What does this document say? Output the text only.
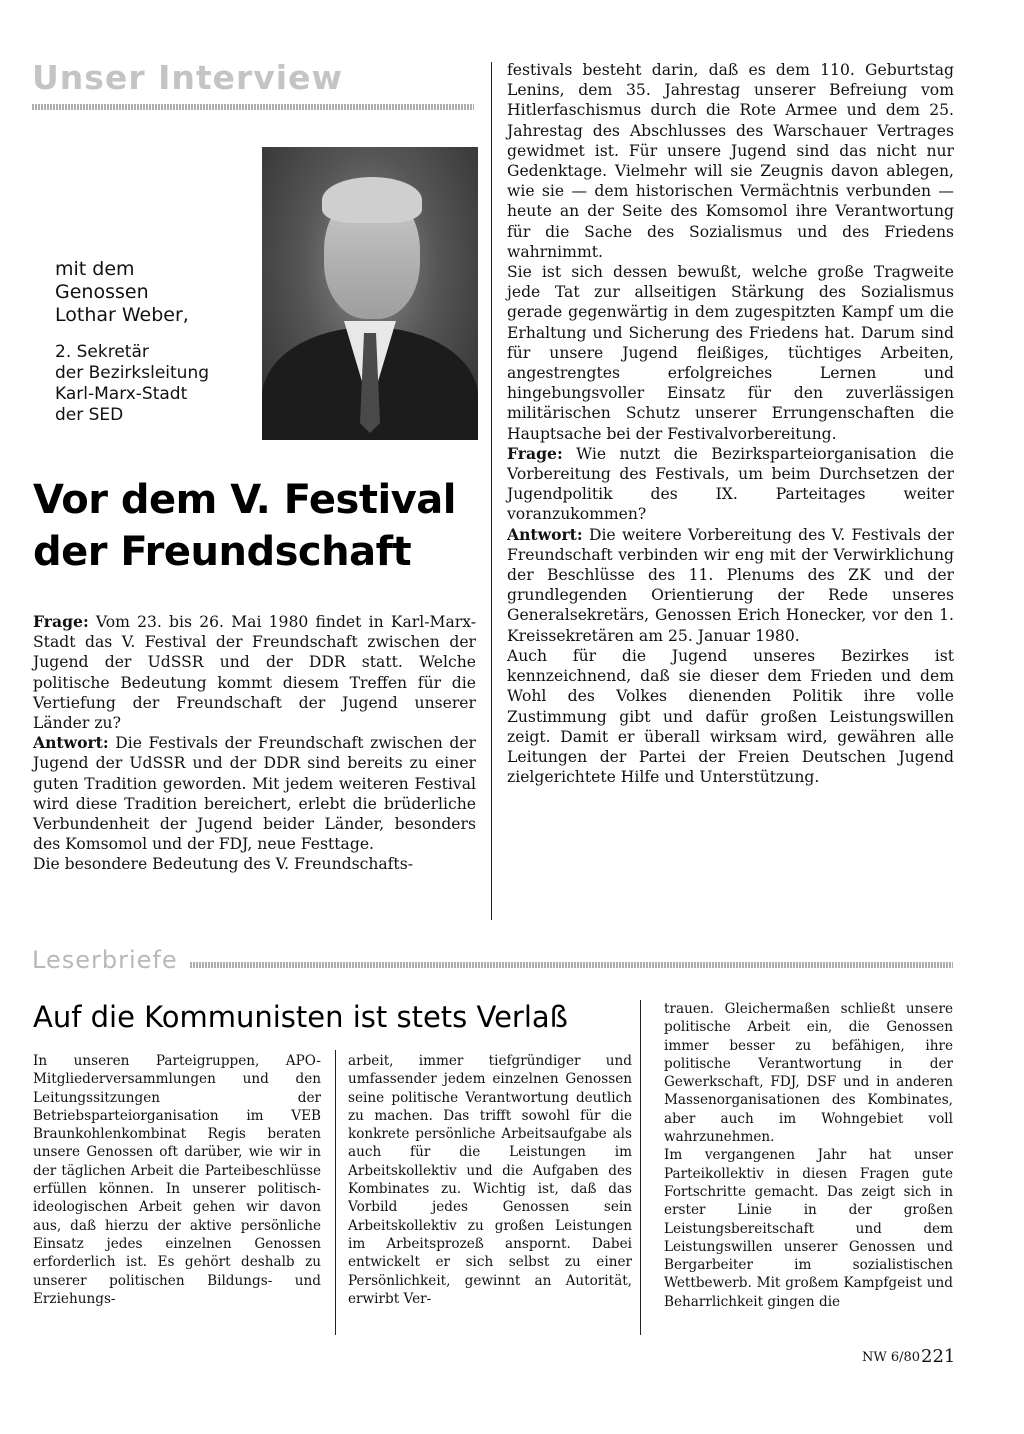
Unser Interview
mit dem
Genossen
Lothar Weber,
2. Sekretär
der Bezirksleitung
Karl-Marx-Stadt
der SED
Vor dem V. Festival
der Freundschaft

Frage: Vom 23. bis 26. Mai 1980 findet in Karl-Marx-Stadt das V. Festival der Freundschaft zwischen der Jugend der UdSSR und der DDR statt. Welche politische Bedeutung kommt diesem Treffen für die Vertiefung der Freundschaft der Jugend unserer Länder zu?

Antwort: Die Festivals der Freundschaft zwischen der Jugend der UdSSR und der DDR sind bereits zu einer guten Tradition geworden. Mit jedem weiteren Festival wird diese Tradition bereichert, erlebt die brüderliche Verbundenheit der Jugend beider Länder, besonders des Komsomol und der FDJ, neue Festtage.

Die besondere Bedeutung des V. Freundschafts-

festivals besteht darin, daß es dem 110. Geburtstag Lenins, dem 35. Jahrestag unserer Befreiung vom Hitlerfaschismus durch die Rote Armee und dem 25. Jahrestag des Abschlusses des Warschauer Vertrages gewidmet ist. Für unsere Jugend sind das nicht nur Gedenktage. Vielmehr will sie Zeugnis davon ablegen, wie sie — dem historischen Vermächtnis verbunden — heute an der Seite des Komsomol ihre Verantwortung für die Sache des Sozialismus und des Friedens wahrnimmt.

Sie ist sich dessen bewußt, welche große Tragweite jede Tat zur allseitigen Stärkung des Sozialismus gerade gegenwärtig in dem zugespitzten Kampf um die Erhaltung und Sicherung des Friedens hat. Darum sind für unsere Jugend fleißiges, tüchtiges Arbeiten, angestrengtes erfolgreiches Lernen und hingebungsvoller Einsatz für den zuverlässigen militärischen Schutz unserer Errungenschaften die Hauptsache bei der Festivalvorbereitung.

Frage: Wie nutzt die Bezirksparteiorganisation die Vorbereitung des Festivals, um beim Durchsetzen der Jugendpolitik des IX. Parteitages weiter voranzukommen?

Antwort: Die weitere Vorbereitung des V. Festivals der Freundschaft verbinden wir eng mit der Verwirklichung der Beschlüsse des 11. Plenums des ZK und der grundlegenden Orientierung der Rede unseres Generalsekretärs, Genossen Erich Honecker, vor den 1. Kreissekretären am 25. Januar 1980.

Auch für die Jugend unseres Bezirkes ist kennzeichnend, daß sie dieser dem Frieden und dem Wohl des Volkes dienenden Politik ihre volle Zustimmung gibt und dafür großen Leistungswillen zeigt. Damit er überall wirksam wird, gewähren alle Leitungen der Partei der Freien Deutschen Jugend zielgerichtete Hilfe und Unterstützung.

Leserbriefe
Auf die Kommunisten ist stets Verlaß

In unseren Parteigruppen, APO-Mitgliederversammlungen und den Leitungssitzungen der Betriebsparteiorganisation im VEB Braunkohlenkombinat Regis beraten unsere Genossen oft darüber, wie wir in der täglichen Arbeit die Parteibeschlüsse erfüllen können. In unserer politisch-ideologischen Arbeit gehen wir davon aus, daß hierzu der aktive persönliche Einsatz jedes einzelnen Genossen erforderlich ist. Es gehört deshalb zu unserer politischen Bildungs- und Erziehungs-

arbeit, immer tiefgründiger und umfassender jedem einzelnen Genossen seine politische Verantwortung deutlich zu machen. Das trifft sowohl für die konkrete persönliche Arbeitsaufgabe als auch für die Leistungen im Arbeitskollektiv und die Aufgaben des Kombinates zu. Wichtig ist, daß das Vorbild jedes Genossen sein Arbeitskollektiv zu großen Leistungen im Arbeitsprozeß anspornt. Dabei entwickelt er sich selbst zu einer Persönlichkeit, gewinnt an Autorität, erwirbt Ver-

trauen. Gleichermaßen schließt unsere politische Arbeit ein, die Genossen immer besser zu befähigen, ihre politische Verantwortung in der Gewerkschaft, FDJ, DSF und in anderen Massenorganisationen des Kombinates, aber auch im Wohngebiet voll wahrzunehmen.

Im vergangenen Jahr hat unser Parteikollektiv in diesen Fragen gute Fortschritte gemacht. Das zeigt sich in erster Linie in der großen Leistungsbereitschaft und dem Leistungswillen unserer Genossen und Bergarbeiter im sozialistischen Wettbewerb. Mit großem Kampfgeist und Beharrlichkeit gingen die

NW 6/80 221
